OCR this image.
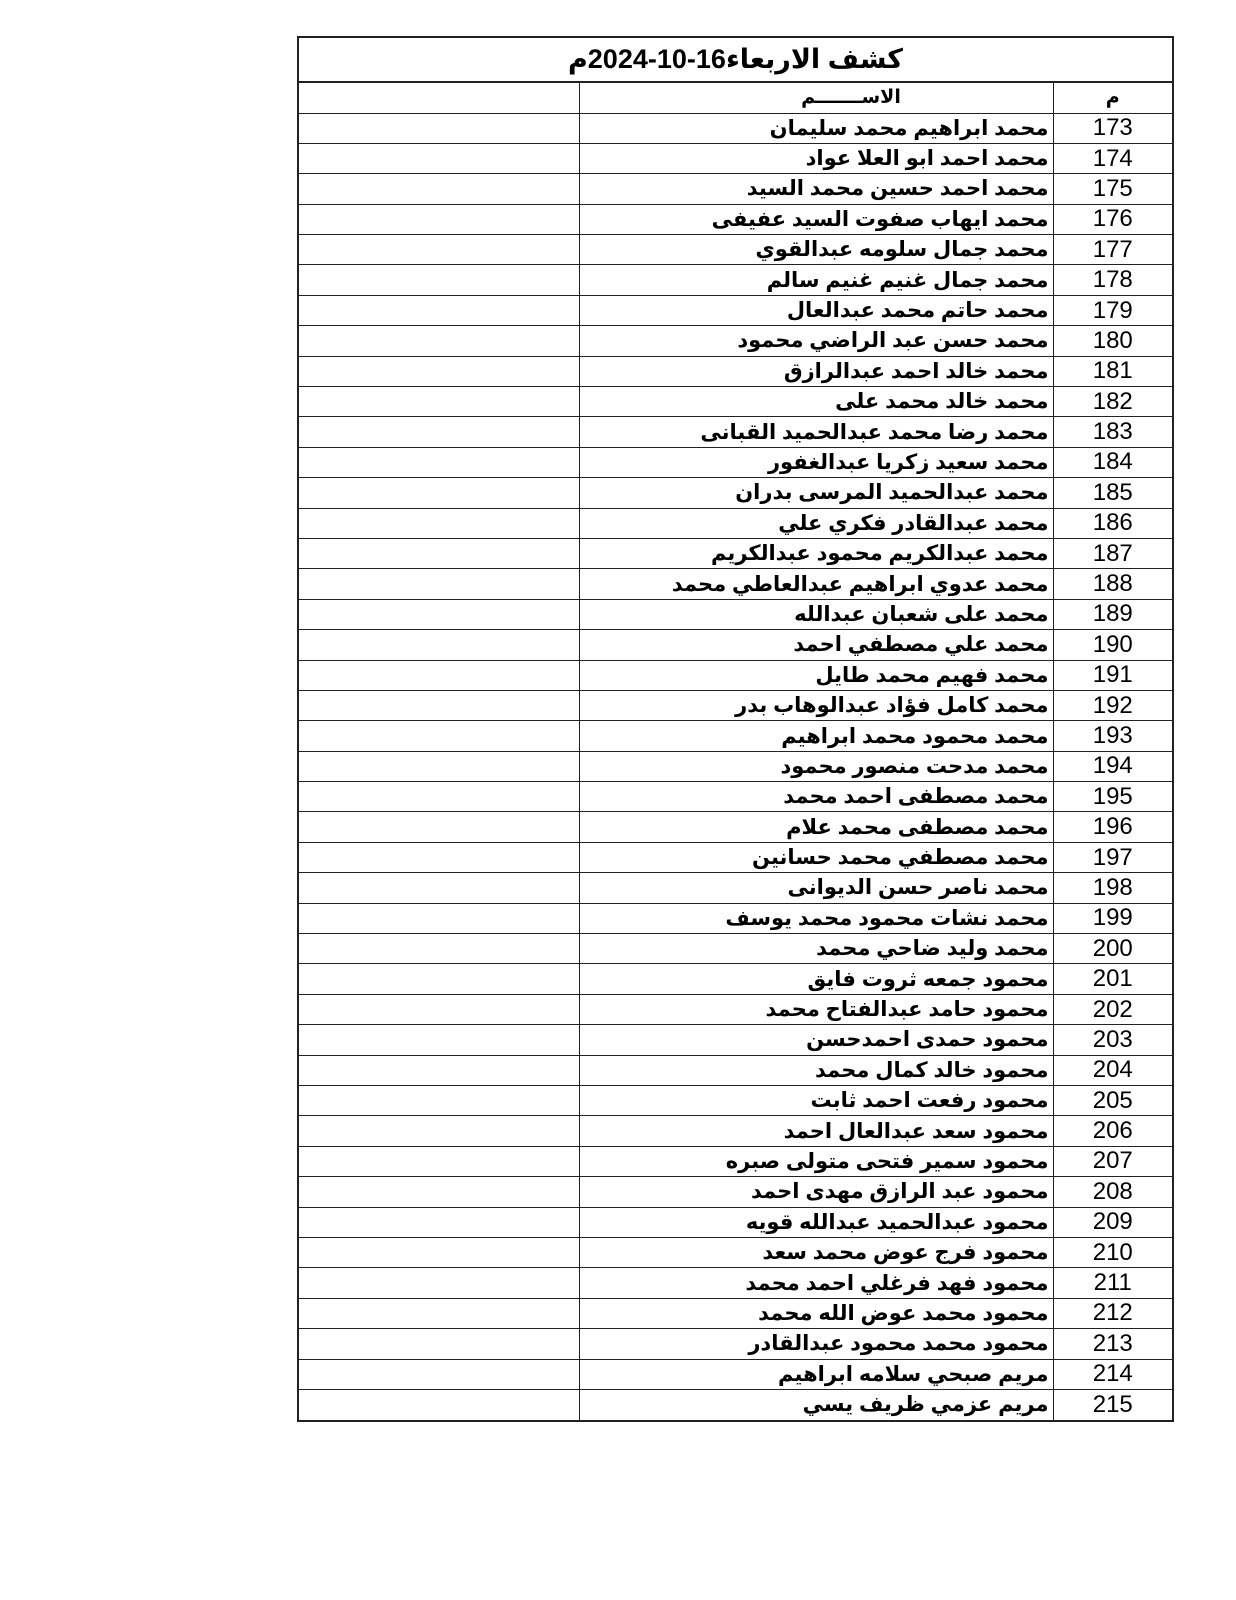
كشف الاربعاء16-10-2024م
م	الاســـــــم	
173	محمد ابراهيم محمد سليمان	
174	محمد احمد ابو العلا عواد	
175	محمد احمد حسين محمد السيد	
176	محمد ايهاب صفوت السيد عفيفى	
177	محمد جمال سلومه عبدالقوي	
178	محمد جمال غنيم غنيم سالم	
179	محمد حاتم محمد عبدالعال	
180	محمد حسن عبد الراضي محمود	
181	محمد خالد احمد عبدالرازق	
182	محمد خالد محمد على	
183	محمد رضا محمد عبدالحميد القبانى	
184	محمد سعيد زكريا عبدالغفور	
185	محمد عبدالحميد المرسى بدران	
186	محمد عبدالقادر فكري علي	
187	محمد عبدالكريم محمود عبدالكريم	
188	محمد عدوي ابراهيم عبدالعاطي محمد	
189	محمد على شعبان عبدالله	
190	محمد علي مصطفي احمد	
191	محمد فهيم محمد طايل	
192	محمد كامل فؤاد عبدالوهاب بدر	
193	محمد محمود محمد ابراهيم	
194	محمد مدحت منصور محمود	
195	محمد مصطفى احمد محمد	
196	محمد مصطفى محمد علام	
197	محمد مصطفي محمد حسانين	
198	محمد ناصر حسن الديوانى	
199	محمد نشات محمود محمد يوسف	
200	محمد وليد ضاحي محمد	
201	محمود جمعه ثروت فايق	
202	محمود حامد عبدالفتاح محمد	
203	محمود حمدى احمدحسن	
204	محمود خالد كمال محمد	
205	محمود رفعت احمد ثابت	
206	محمود سعد عبدالعال احمد	
207	محمود سمير فتحى متولى صبره	
208	محمود عبد الرازق مهدى احمد	
209	محمود عبدالحميد عبدالله قويه	
210	محمود فرج عوض محمد سعد	
211	محمود فهد فرغلي احمد محمد	
212	محمود محمد عوض الله محمد	
213	محمود محمد محمود عبدالقادر	
214	مريم صبحي سلامه ابراهيم	
215	مريم عزمي ظريف يسي	
